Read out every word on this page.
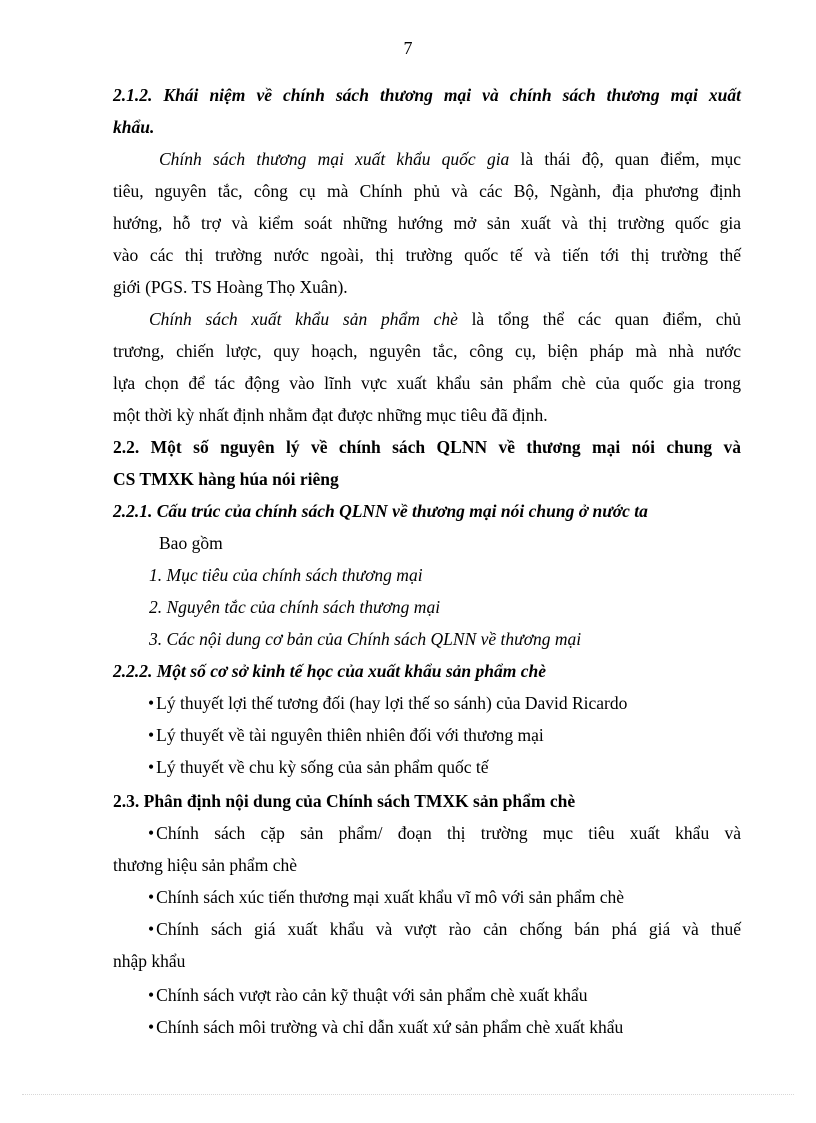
7
2.1.2. Khái niệm về chính sách thương mại và chính sách thương mại xuất
khẩu.
Chính sách thương mại xuất khẩu quốc gia là thái độ, quan điểm, mục
tiêu, nguyên tắc, công cụ mà Chính phủ và các Bộ, Ngành, địa phương định
hướng, hỗ trợ và kiểm soát những hướng mở sản xuất và thị trường quốc gia
vào các thị trường nước ngoài, thị trường quốc tế và tiến tới thị trường thế
giới (PGS. TS Hoàng Thọ Xuân).
Chính sách xuất khẩu sản phẩm chè là tổng thể các quan điểm, chủ
trương, chiến lược, quy hoạch, nguyên tắc, công cụ, biện pháp mà nhà nước
lựa chọn để tác động vào lĩnh vực xuất khẩu sản phẩm chè của quốc gia trong
một thời kỳ nhất định nhằm đạt được những mục tiêu đã định.
2.2. Một số nguyên lý về chính sách QLNN về thương mại nói chung và
CS TMXK hàng húa nói riêng
2.2.1. Cấu trúc của chính sách QLNN về thương mại nói chung ở nước ta
Bao gồm
1. Mục tiêu của chính sách thương mại
2. Nguyên tắc của chính sách thương mại
3. Các nội dung cơ bản của Chính sách QLNN về thương mại
2.2.2. Một số cơ sở kinh tế học của xuất khẩu sản phẩm chè
• Lý thuyết lợi thế tương đối (hay lợi thế so sánh) của David Ricardo
• Lý thuyết về tài nguyên thiên nhiên đối với thương mại
• Lý thuyết về chu kỳ sống của sản phẩm quốc tế
2.3. Phân định nội dung của Chính sách TMXK sản phẩm chè
• Chính sách cặp sản phẩm/ đoạn thị trường mục tiêu xuất khẩu và
thương hiệu sản phẩm chè
• Chính sách xúc tiến thương mại xuất khẩu vĩ mô với sản phẩm chè
• Chính sách giá xuất khẩu và vượt rào cản chống bán phá giá và thuế
nhập khẩu
• Chính sách vượt rào cản kỹ thuật với sản phẩm chè xuất khẩu
• Chính sách môi trường và chỉ dẫn xuất xứ sản phẩm chè xuất khẩu
